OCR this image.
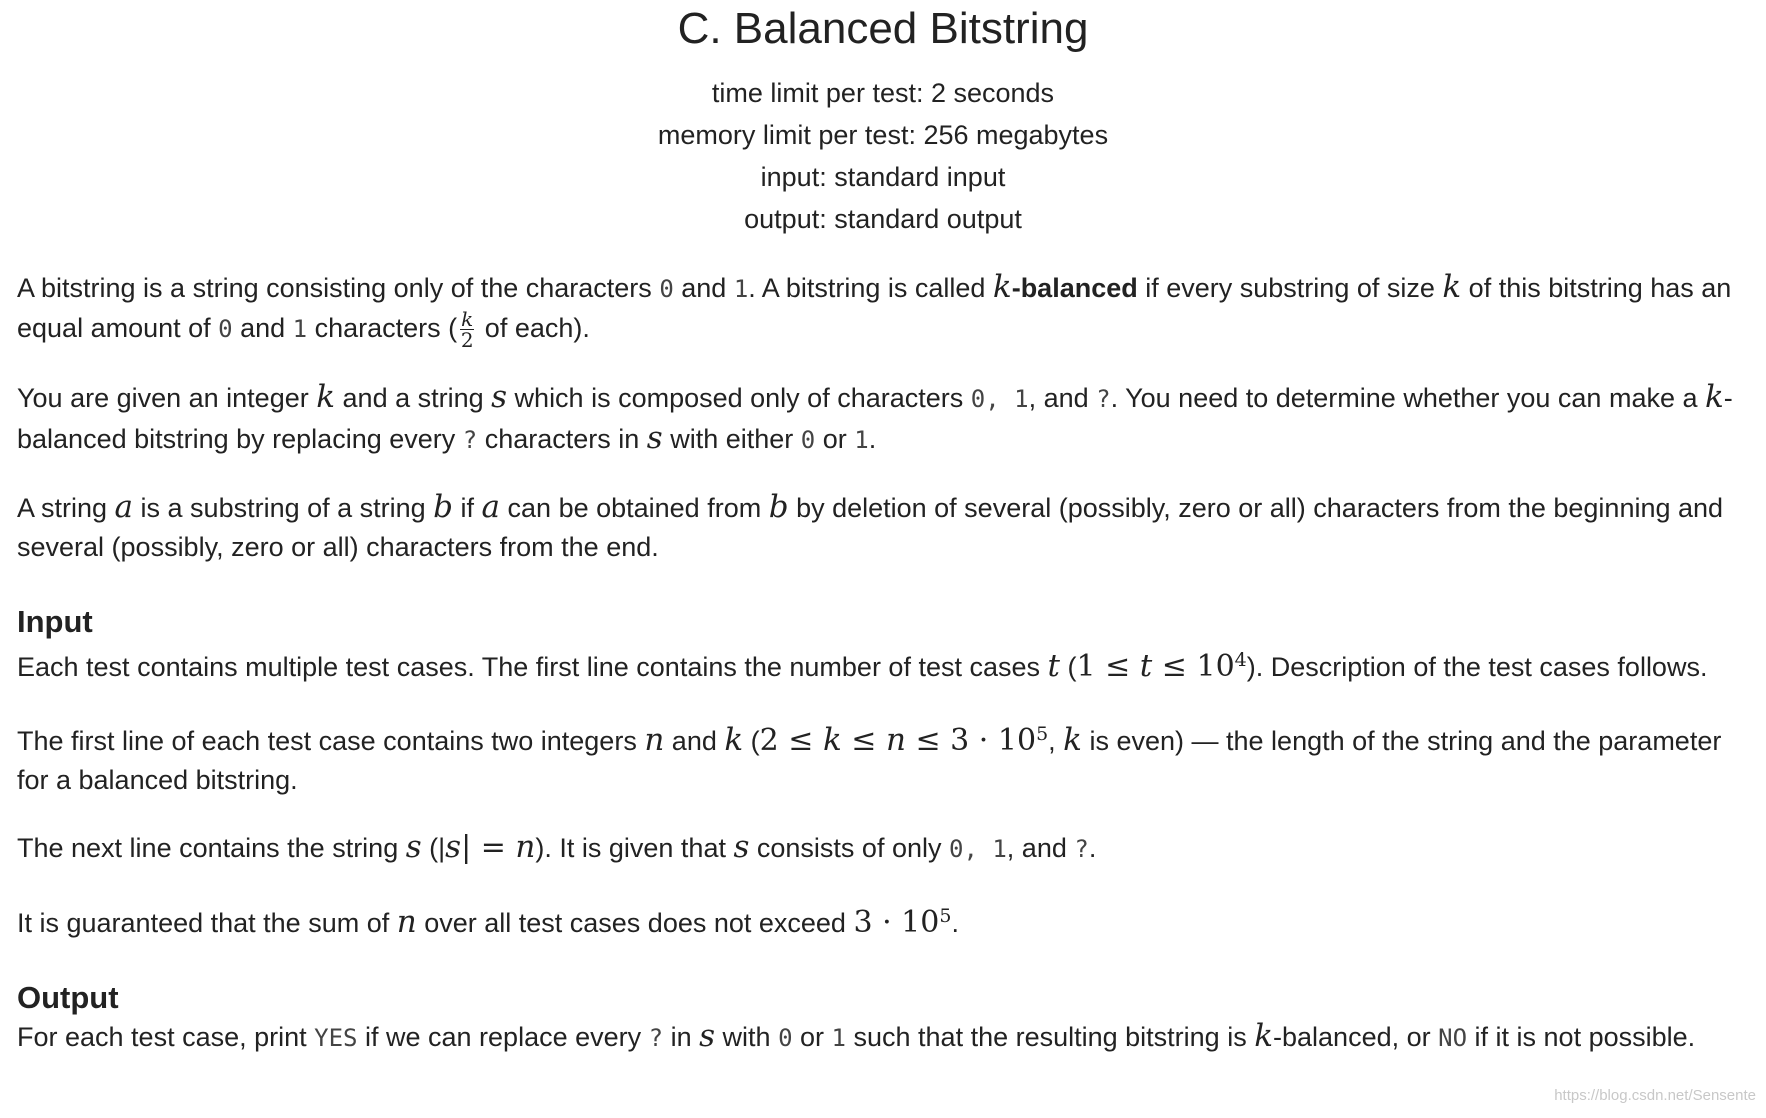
C. Balanced Bitstring
time limit per test: 2 seconds
memory limit per test: 256 megabytes
input: standard input
output: standard output

A bitstring is a string consisting only of the characters 0 and 1. A bitstring is called k-balanced if every substring of size k of this bitstring has an equal amount of 0 and 1 characters ( $\frac{k}{2}$ of each).

You are given an integer k and a string s which is composed only of characters 0, 1, and ?. You need to determine whether you can make a k-balanced bitstring by replacing every ? characters in s with either 0 or 1.

A string a is a substring of a string b if a can be obtained from b by deletion of several (possibly, zero or all) characters from the beginning and several (possibly, zero or all) characters from the end.

Input

Each test contains multiple test cases. The first line contains the number of test cases t $(1 \le t \le 10^4)$. Description of the test cases follows.

The first line of each test case contains two integers n and k ($2 \le k \le n \le 3 \cdot 10^5$, k is even) — the length of the string and the parameter for a balanced bitstring.

The next line contains the string s (|s| = n). It is given that s consists of only 0, 1, and ?.

It is guaranteed that the sum of n over all test cases does not exceed $3 \cdot 10^5$.

Output

For each test case, print YES if we can replace every ? in s with 0 or 1 such that the resulting bitstring is k-balanced, or NO if it is not possible.

https://blog.csdn.net/Sensente
